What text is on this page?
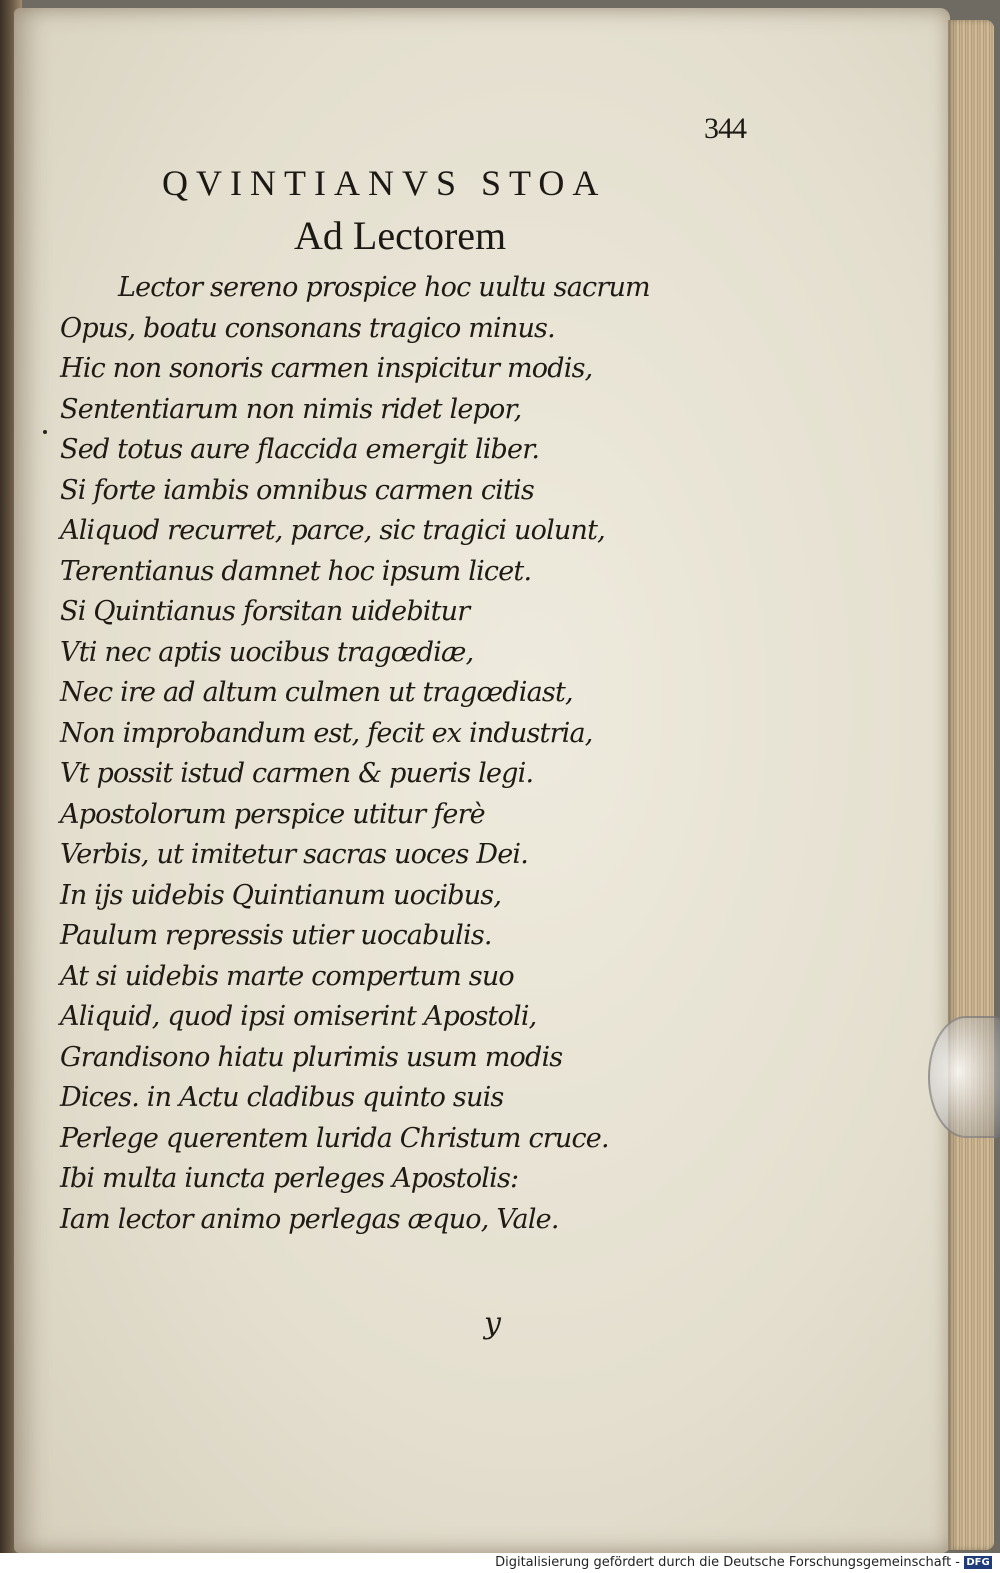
344
QVINTIANVS STOA
Ad Lectorem
Lector sereno prospice hoc uultu sacrum
Opus, boatu consonans tragico minus.
Hic non sonoris carmen inspicitur modis,
Sententiarum non nimis ridet lepor,
Sed totus aure flaccida emergit liber.
Si forte iambis omnibus carmen citis
Aliquod recurret, parce, sic tragici uolunt,
Terentianus damnet hoc ipsum licet.
Si Quintianus forsitan uidebitur
Vti nec aptis uocibus tragœdiæ,
Nec ire ad altum culmen ut tragœdiast,
Non improbandum est, fecit ex industria,
Vt possit istud carmen & pueris legi.
Apostolorum perspice utitur ferè
Verbis, ut imitetur sacras uoces Dei.
In ijs uidebis Quintianum uocibus,
Paulum repressis utier uocabulis.
At si uidebis marte compertum suo
Aliquid, quod ipsi omiserint Apostoli,
Grandisono hiatu plurimis usum modis
Dices. in Actu cladibus quinto suis
Perlege querentem lurida Christum cruce.
Ibi multa iuncta perleges Apostolis:
Iam lector animo perlegas æquo, Vale.
y
Digitalisierung gefördert durch die Deutsche Forschungsgemeinschaft - DFG
